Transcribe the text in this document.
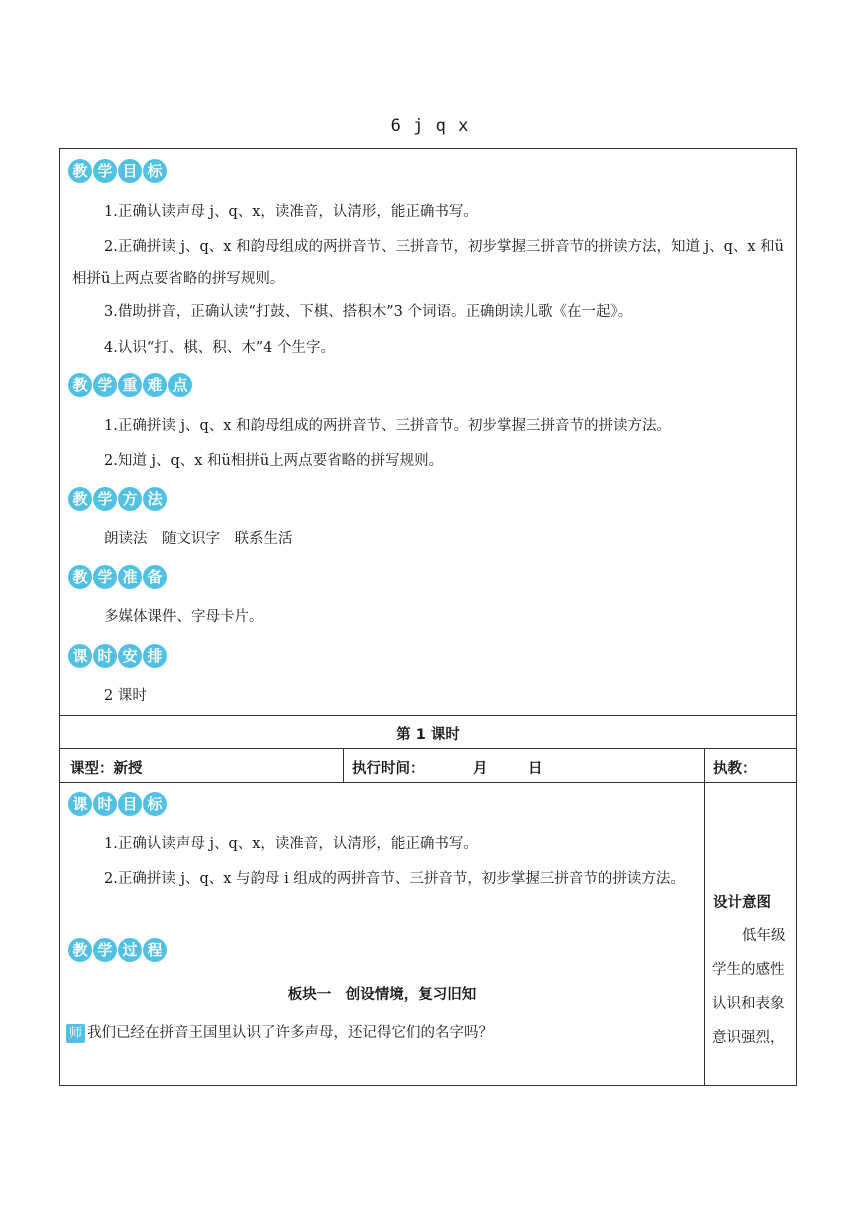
6 j q x
教 学 目 标
1.正确认读声母 j、q、x，读准音，认清形，能正确书写。
2.正确拼读 j、q、x 和韵母组成的两拼音节、三拼音节，初步掌握三拼音节的拼读方法，知道 j、q、x 和ü相拼ü上两点要省略的拼写规则。
3.借助拼音，正确认读“打鼓、下棋、搭积木”3 个词语。正确朗读儿歌《在一起》。
4.认识“打、棋、积、木”4 个生字。
教 学 重 难 点
1.正确拼读 j、q、x 和韵母组成的两拼音节、三拼音节。初步掌握三拼音节的拼读方法。
2.知道 j、q、x 和ü相拼ü上两点要省略的拼写规则。
教 学 方 法
朗读法　随文识字　联系生活
教 学 准 备
多媒体课件、字母卡片。
课 时 安 排
2 课时
第 1 课时
课型：新授	执行时间：	月	日	执教：
课 时 目 标
1.正确认读声母 j、q、x，读准音，认清形，能正确书写。
2.正确拼读 j、q、x 与韵母 i 组成的两拼音节、三拼音节，初步掌握三拼音节的拼读方法。
教 学 过 程
板块一　创设情境，复习旧知
师 我们已经在拼音王国里认识了许多声母，还记得它们的名字吗？
设计意图
低年级学生的感性认识和表象意识强烈，
